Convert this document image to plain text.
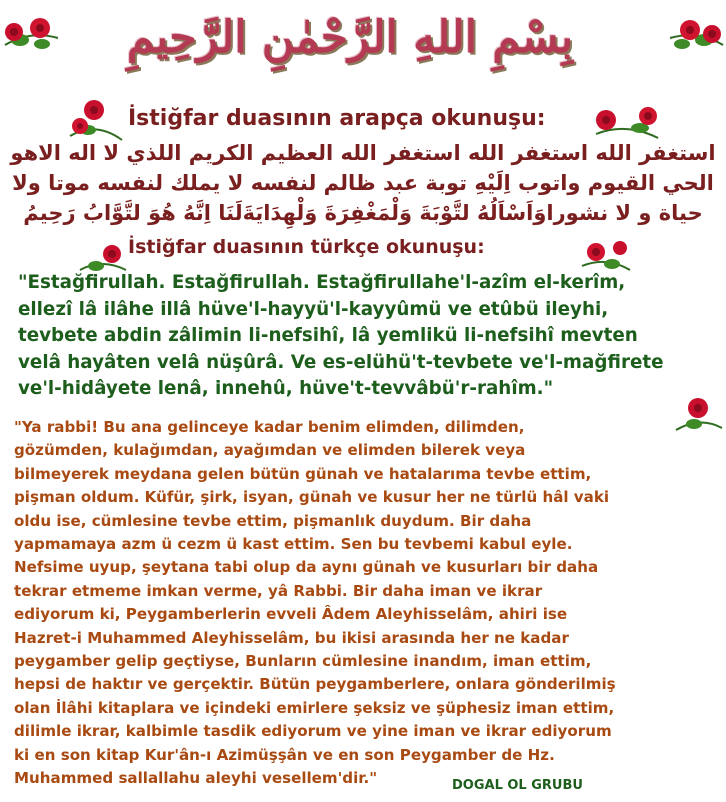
بِسْمِ اللهِ الرَّحْمٰنِ الرَّحِيمِ
İstiğfar duasının arapça okunuşu:
استغفر الله استغفر الله استغفر الله العظيم الكريم اللذي لا اله الاهو الحي القيوم واتوب اِلَيْهِ توبة عبد ظالم لنفسه لا يملك لنفسه موتا ولا حياة و لا نشوراوَاَسْاَلُهُ لتَّوْبَةَ وَلْمَغْفِرَةَ وَلْهِدَايَةَلَنَا اِنَّهُ هُوَ لتَّوَّابُ رَحِيمُ
İstiğfar duasının türkçe okunuşu:
"Estağfirullah. Estağfirullah. Estağfirullahe'l-azîm el-kerîm,
ellezî lâ ilâhe illâ hüve'l-hayyü'l-kayyûmü ve etûbü ileyhi,
tevbete abdin zâlimin li-nefsihî, lâ yemlikü li-nefsihî mevten
velâ hayâten velâ nüşûrâ. Ve es-elühü't-tevbete ve'l-mağfirete
ve'l-hidâyete lenâ, innehû, hüve't-tevvâbü'r-rahîm."
"Ya rabbi! Bu ana gelinceye kadar benim elimden, dilimden,
gözümden, kulağımdan, ayağımdan ve elimden bilerek veya
bilmeyerek meydana gelen bütün günah ve hatalarıma tevbe ettim,
pişman oldum. Küfür, şirk, isyan, günah ve kusur her ne türlü hâl vaki
oldu ise, cümlesine tevbe ettim, pişmanlık duydum. Bir daha
yapmamaya azm ü cezm ü kast ettim. Sen bu tevbemi kabul eyle.
Nefsime uyup, şeytana tabi olup da aynı günah ve kusurları bir daha
tekrar etmeme imkan verme, yâ Rabbi. Bir daha iman ve ikrar
ediyorum ki, Peygamberlerin evveli Âdem Aleyhisselâm, ahiri ise
Hazret-i Muhammed Aleyhisselâm, bu ikisi arasında her ne kadar
peygamber gelip geçtiyse, Bunların cümlesine inandım, iman ettim,
hepsi de haktır ve gerçektir. Bütün peygamberlere, onlara gönderilmiş
olan İlâhi kitaplara ve içindeki emirlere şeksiz ve şüphesiz iman ettim,
dilimle ikrar, kalbimle tasdik ediyorum ve yine iman ve ikrar ediyorum
ki en son kitap Kur'ân-ı Azimüşşân ve en son Peygamber de Hz.
Muhammed sallallahu aleyhi vesellem'dir."	DOGAL OL GRUBU
